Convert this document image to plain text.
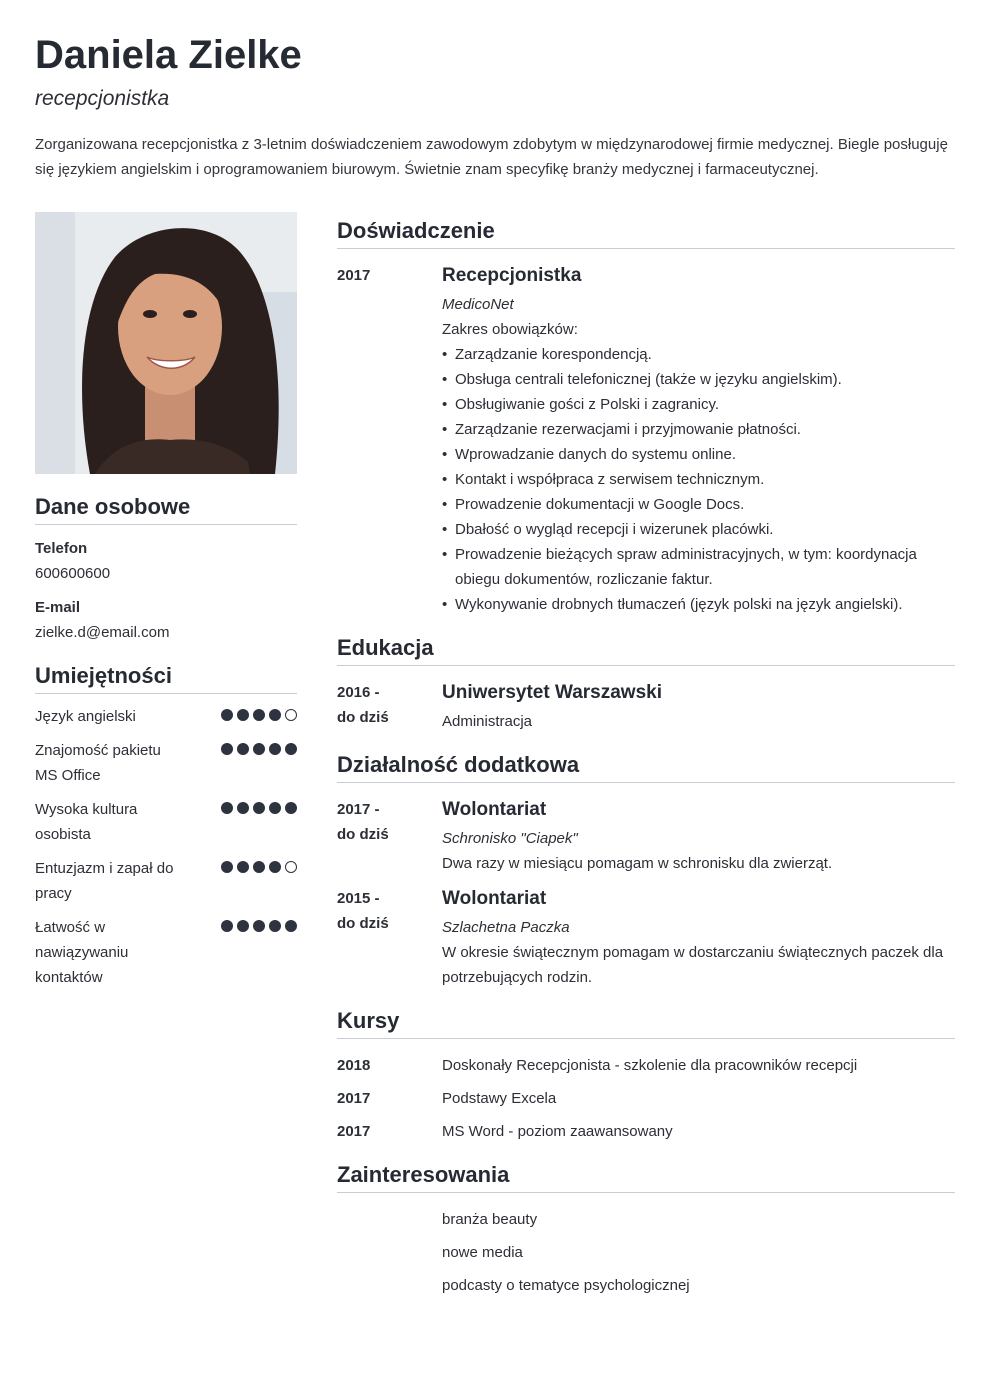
Daniela Zielke
recepcjonistka
Zorganizowana recepcjonistka z 3-letnim doświadczeniem zawodowym zdobytym w międzynarodowej firmie medycznej. Biegle posługuję się językiem angielskim i oprogramowaniem biurowym. Świetnie znam specyfikę branży medycznej i farmaceutycznej.
Dane osobowe
Telefon
600600600
E-mail
zielke.d@email.com
Umiejętności
Język angielski
Znajomość pakietu MS Office
Wysoka kultura osobista
Entuzjazm i zapał do pracy
Łatwość w nawiązywaniu kontaktów
Doświadczenie
2017	Recepcjonistka
MedicoNet
Zakres obowiązków:
• Zarządzanie korespondencją.
• Obsługa centrali telefonicznej (także w języku angielskim).
• Obsługiwanie gości z Polski i zagranicy.
• Zarządzanie rezerwacjami i przyjmowanie płatności.
• Wprowadzanie danych do systemu online.
• Kontakt i współpraca z serwisem technicznym.
• Prowadzenie dokumentacji w Google Docs.
• Dbałość o wygląd recepcji i wizerunek placówki.
• Prowadzenie bieżących spraw administracyjnych, w tym: koordynacja obiegu dokumentów, rozliczanie faktur.
• Wykonywanie drobnych tłumaczeń (język polski na język angielski).
Edukacja
2016 -
do dziś
Uniwersytet Warszawski
Administracja
Działalność dodatkowa
2017 -
do dziś
Wolontariat
Schronisko "Ciapek"
Dwa razy w miesiącu pomagam w schronisku dla zwierząt.
2015 -
do dziś
Wolontariat
Szlachetna Paczka
W okresie świątecznym pomagam w dostarczaniu świątecznych paczek dla potrzebujących rodzin.
Kursy
2018	Doskonały Recepcjonista - szkolenie dla pracowników recepcji
2017	Podstawy Excela
2017	MS Word - poziom zaawansowany
Zainteresowania
branża beauty
nowe media
podcasty o tematyce psychologicznej
